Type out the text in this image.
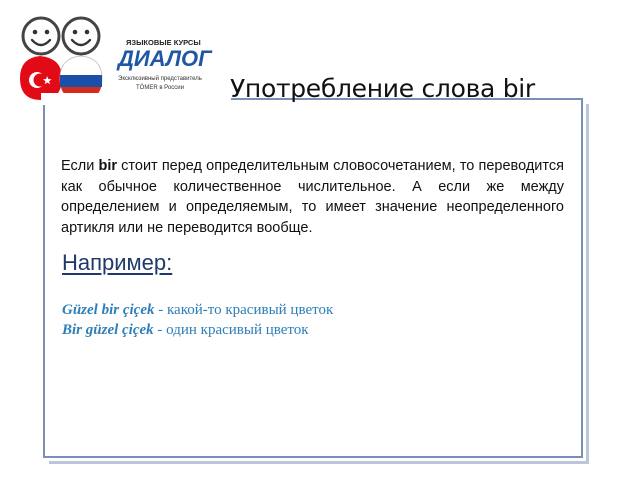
ЯЗЫКОВЫЕ КУРСЫ
ДИАЛОГ
Эксклюзивный представитель
TÖMER в России Употребление слова bir

Если bir стоит перед определительным словосочетанием, то переводится как обычное количественное числительное. А если же между определением и определяемым, то имеет значение неопределенного артикля или не переводится вообще.

Например:
Güzel bir çiçek - какой-то красивый цветок
Bir güzel çiçek - один красивый цветок
